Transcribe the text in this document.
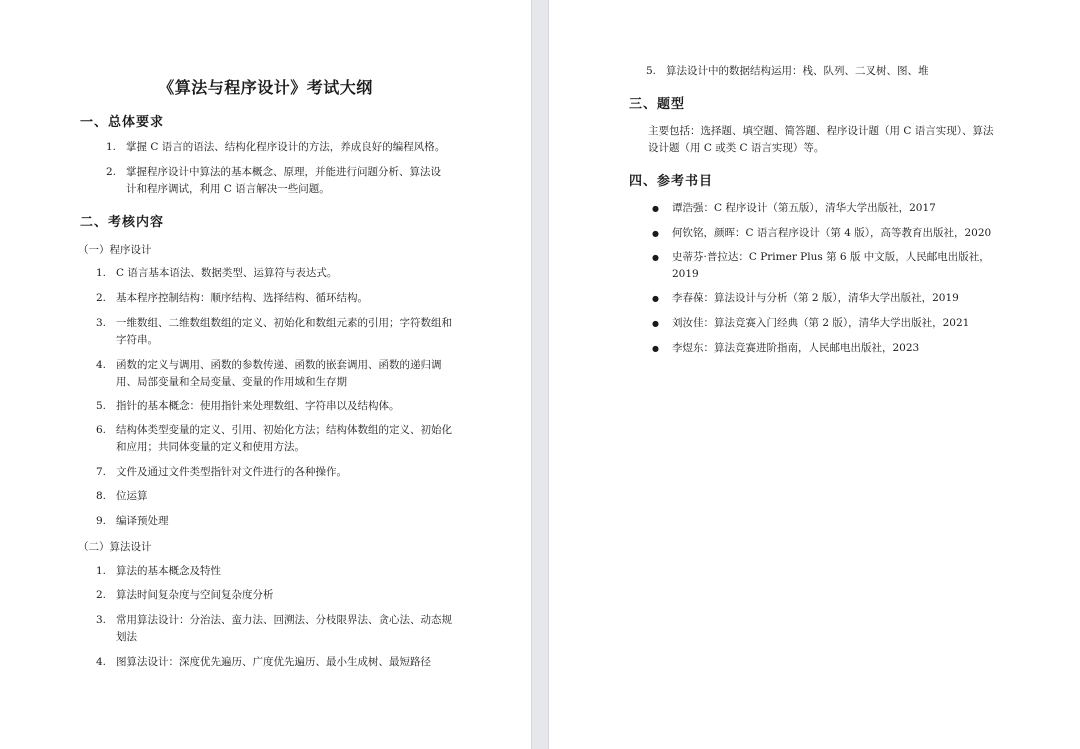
《算法与程序设计》考试大纲
一、总体要求
1. 掌握 C 语言的语法、结构化程序设计的方法，养成良好的编程风格。
2. 掌握程序设计中算法的基本概念、原理，并能进行问题分析、算法设计和程序调试，利用 C 语言解决一些问题。
二、考核内容
（一）程序设计
1. C 语言基本语法、数据类型、运算符与表达式。
2. 基本程序控制结构：顺序结构、选择结构、循环结构。
3. 一维数组、二维数组数组的定义、初始化和数组元素的引用；字符数组和字符串。
4. 函数的定义与调用、函数的参数传递、函数的嵌套调用、函数的递归调用、局部变量和全局变量、变量的作用域和生存期
5. 指针的基本概念：使用指针来处理数组、字符串以及结构体。
6. 结构体类型变量的定义、引用、初始化方法；结构体数组的定义、初始化和应用；共同体变量的定义和使用方法。
7. 文件及通过文件类型指针对文件进行的各种操作。
8. 位运算
9. 编译预处理
（二）算法设计
1. 算法的基本概念及特性
2. 算法时间复杂度与空间复杂度分析
3. 常用算法设计：分治法、蛮力法、回溯法、分枝限界法、贪心法、动态规划法
4. 图算法设计：深度优先遍历、广度优先遍历、最小生成树、最短路径
5. 算法设计中的数据结构运用：栈、队列、二叉树、图、堆
三、题型
主要包括：选择题、填空题、简答题、程序设计题（用 C 语言实现）、算法设计题（用 C 或类 C 语言实现）等。
四、参考书目
●	谭浩强：C 程序设计（第五版），清华大学出版社，2017
●	何钦铭，颜晖：C 语言程序设计（第 4 版），高等教育出版社，2020
●	史蒂芬·普拉达：C Primer Plus 第 6 版 中文版，人民邮电出版社，2019
●	李春葆：算法设计与分析（第 2 版），清华大学出版社，2019
●	刘汝佳：算法竞赛入门经典（第 2 版），清华大学出版社，2021
●	李煜东：算法竞赛进阶指南，人民邮电出版社，2023
